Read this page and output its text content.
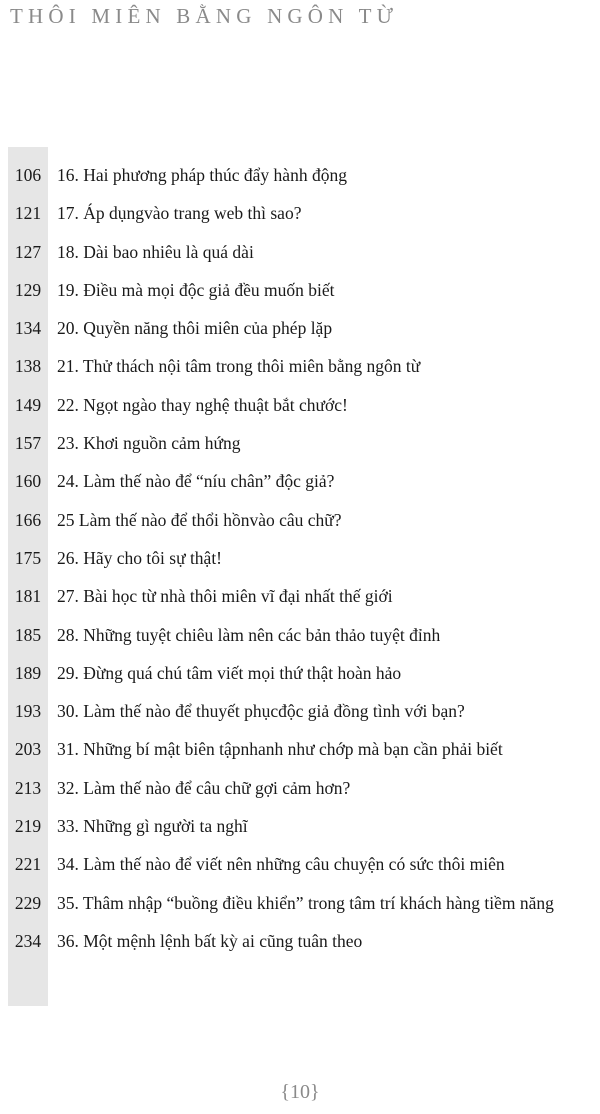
THÔI MIÊN BẰNG NGÔN TỪ
106 16. Hai phương pháp thúc đẩy hành động
121 17. Áp dụngvào trang web thì sao?
127 18. Dài bao nhiêu là quá dài
129 19. Điều mà mọi độc giả đều muốn biết
134 20. Quyền năng thôi miên của phép lặp
138 21. Thử thách nội tâm trong thôi miên bằng ngôn từ
149 22. Ngọt ngào thay nghệ thuật bắt chước!
157 23. Khơi nguồn cảm hứng
160 24. Làm thế nào để “níu chân” độc giả?
166 25 Làm thế nào để thổi hồnvào câu chữ?
175 26. Hãy cho tôi sự thật!
181 27. Bài học từ nhà thôi miên vĩ đại nhất thế giới
185 28. Những tuyệt chiêu làm nên các bản thảo tuyệt đỉnh
189 29. Đừng quá chú tâm viết mọi thứ thật hoàn hảo
193 30. Làm thế nào để thuyết phụcđộc giả đồng tình với bạn?
203 31. Những bí mật biên tậpnhanh như chớp mà bạn cần phải biết
213 32. Làm thế nào để câu chữ gợi cảm hơn?
219 33. Những gì người ta nghĩ
221 34. Làm thế nào để viết nên những câu chuyện có sức thôi miên
229 35. Thâm nhập “buồng điều khiển” trong tâm trí khách hàng tiềm năng
234 36. Một mệnh lệnh bất kỳ ai cũng tuân theo
{10}
